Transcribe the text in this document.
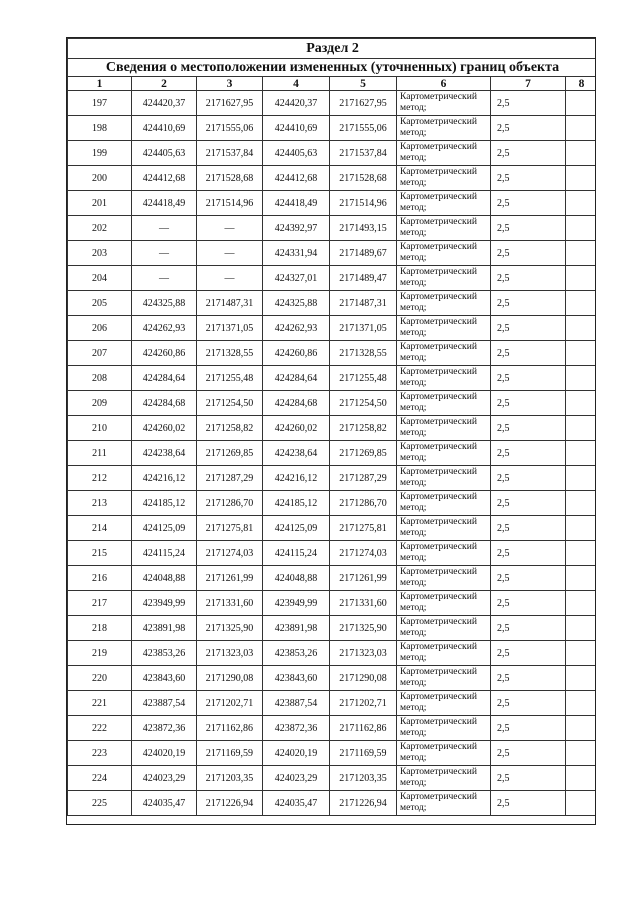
Раздел 2							
Сведения о местоположении измененных (уточненных) границ объекта							
1	2	3	4	5	6	7	8
197	424420,37	2171627,95	424420,37	2171627,95	Картометрический метод;	2,5	
198	424410,69	2171555,06	424410,69	2171555,06	Картометрический метод;	2,5	
199	424405,63	2171537,84	424405,63	2171537,84	Картометрический метод;	2,5	
200	424412,68	2171528,68	424412,68	2171528,68	Картометрический метод;	2,5	
201	424418,49	2171514,96	424418,49	2171514,96	Картометрический метод;	2,5	
202	—	—	424392,97	2171493,15	Картометрический метод;	2,5	
203	—	—	424331,94	2171489,67	Картометрический метод;	2,5	
204	—	—	424327,01	2171489,47	Картометрический метод;	2,5	
205	424325,88	2171487,31	424325,88	2171487,31	Картометрический метод;	2,5	
206	424262,93	2171371,05	424262,93	2171371,05	Картометрический метод;	2,5	
207	424260,86	2171328,55	424260,86	2171328,55	Картометрический метод;	2,5	
208	424284,64	2171255,48	424284,64	2171255,48	Картометрический метод;	2,5	
209	424284,68	2171254,50	424284,68	2171254,50	Картометрический метод;	2,5	
210	424260,02	2171258,82	424260,02	2171258,82	Картометрический метод;	2,5	
211	424238,64	2171269,85	424238,64	2171269,85	Картометрический метод;	2,5	
212	424216,12	2171287,29	424216,12	2171287,29	Картометрический метод;	2,5	
213	424185,12	2171286,70	424185,12	2171286,70	Картометрический метод;	2,5	
214	424125,09	2171275,81	424125,09	2171275,81	Картометрический метод;	2,5	
215	424115,24	2171274,03	424115,24	2171274,03	Картометрический метод;	2,5	
216	424048,88	2171261,99	424048,88	2171261,99	Картометрический метод;	2,5	
217	423949,99	2171331,60	423949,99	2171331,60	Картометрический метод;	2,5	
218	423891,98	2171325,90	423891,98	2171325,90	Картометрический метод;	2,5	
219	423853,26	2171323,03	423853,26	2171323,03	Картометрический метод;	2,5	
220	423843,60	2171290,08	423843,60	2171290,08	Картометрический метод;	2,5	
221	423887,54	2171202,71	423887,54	2171202,71	Картометрический метод;	2,5	
222	423872,36	2171162,86	423872,36	2171162,86	Картометрический метод;	2,5	
223	424020,19	2171169,59	424020,19	2171169,59	Картометрический метод;	2,5	
224	424023,29	2171203,35	424023,29	2171203,35	Картометрический метод;	2,5	
225	424035,47	2171226,94	424035,47	2171226,94	Картометрический метод;	2,5	
